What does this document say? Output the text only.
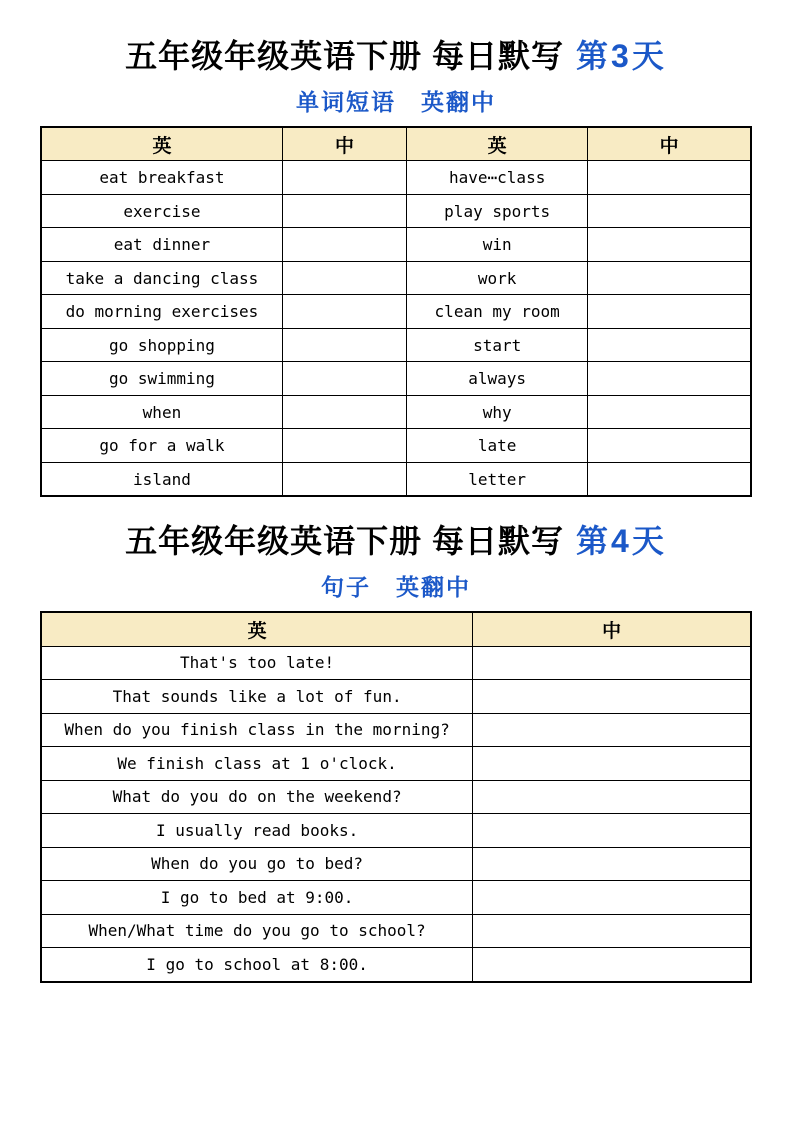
五年级年级英语下册 每日默写 第3天
单词短语　英翻中
英	中	英	中
eat breakfast		have⋯class	
exercise		play sports	
eat dinner		win	
take a dancing class		work	
do morning exercises		clean my room	
go shopping		start	
go swimming		always	
when		why	
go for a walk		late	
island		letter	
五年级年级英语下册 每日默写 第4天
句子　英翻中
英	中
That's too late!	
That sounds like a lot of fun.	
When do you finish class in the morning?	
We finish class at 1 o'clock.	
What do you do on the weekend?	
I usually read books.	
When do you go to bed?	
I go to bed at 9:00.	
When/What time do you go to school?	
I go to school at 8:00.	
